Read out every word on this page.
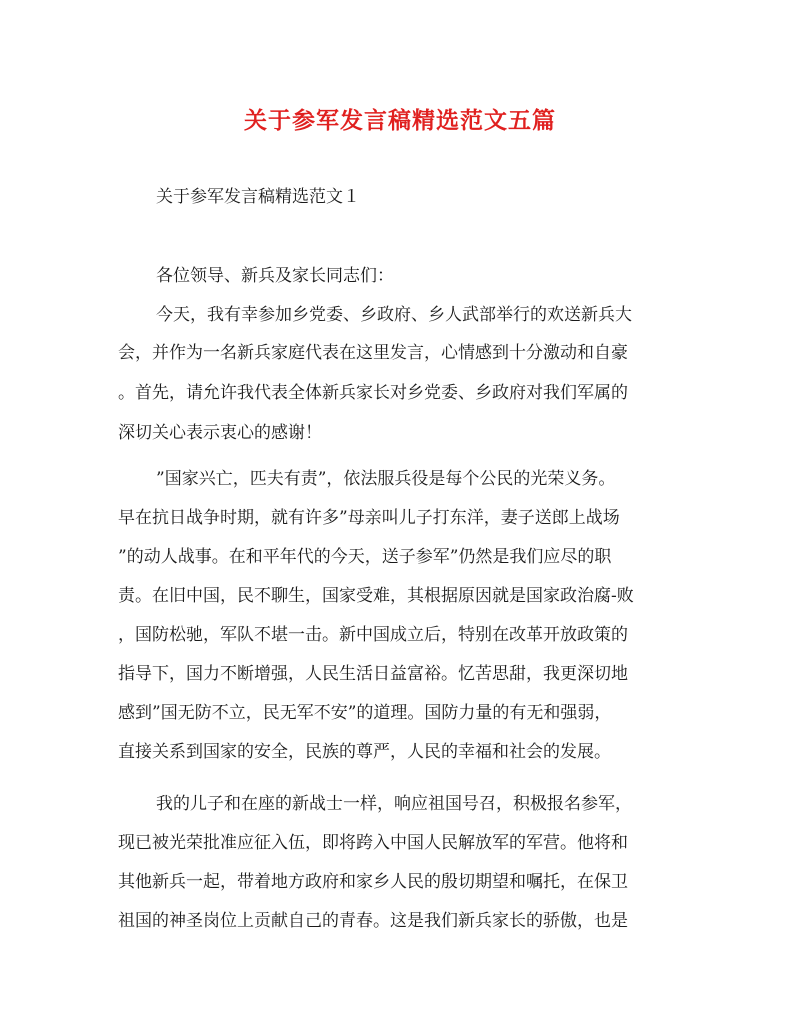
关于参军发言稿精选范文五篇
关于参军发言稿精选范文１
各位领导、新兵及家长同志们：
今天，我有幸参加乡党委、乡政府、乡人武部举行的欢送新兵大
会，并作为一名新兵家庭代表在这里发言，心情感到十分激动和自豪
。首先，请允许我代表全体新兵家长对乡党委、乡政府对我们军属的
深切关心表示衷心的感谢！
”国家兴亡，匹夫有责”，依法服兵役是每个公民的光荣义务。
早在抗日战争时期，就有许多”母亲叫儿子打东洋，妻子送郎上战场
”的动人战事。在和平年代的今天，送子参军”仍然是我们应尽的职
责。在旧中国，民不聊生，国家受难，其根据原因就是国家政治腐-败
，国防松驰，军队不堪一击。新中国成立后，特别在改革开放政策的
指导下，国力不断增强，人民生活日益富裕。忆苦思甜，我更深切地
感到”国无防不立，民无军不安”的道理。国防力量的有无和强弱，
直接关系到国家的安全，民族的尊严，人民的幸福和社会的发展。
我的儿子和在座的新战士一样，响应祖国号召，积极报名参军，
现已被光荣批准应征入伍，即将跨入中国人民解放军的军营。他将和
其他新兵一起，带着地方政府和家乡人民的殷切期望和嘱托，在保卫
祖国的神圣岗位上贡献自己的青春。这是我们新兵家长的骄傲，也是
